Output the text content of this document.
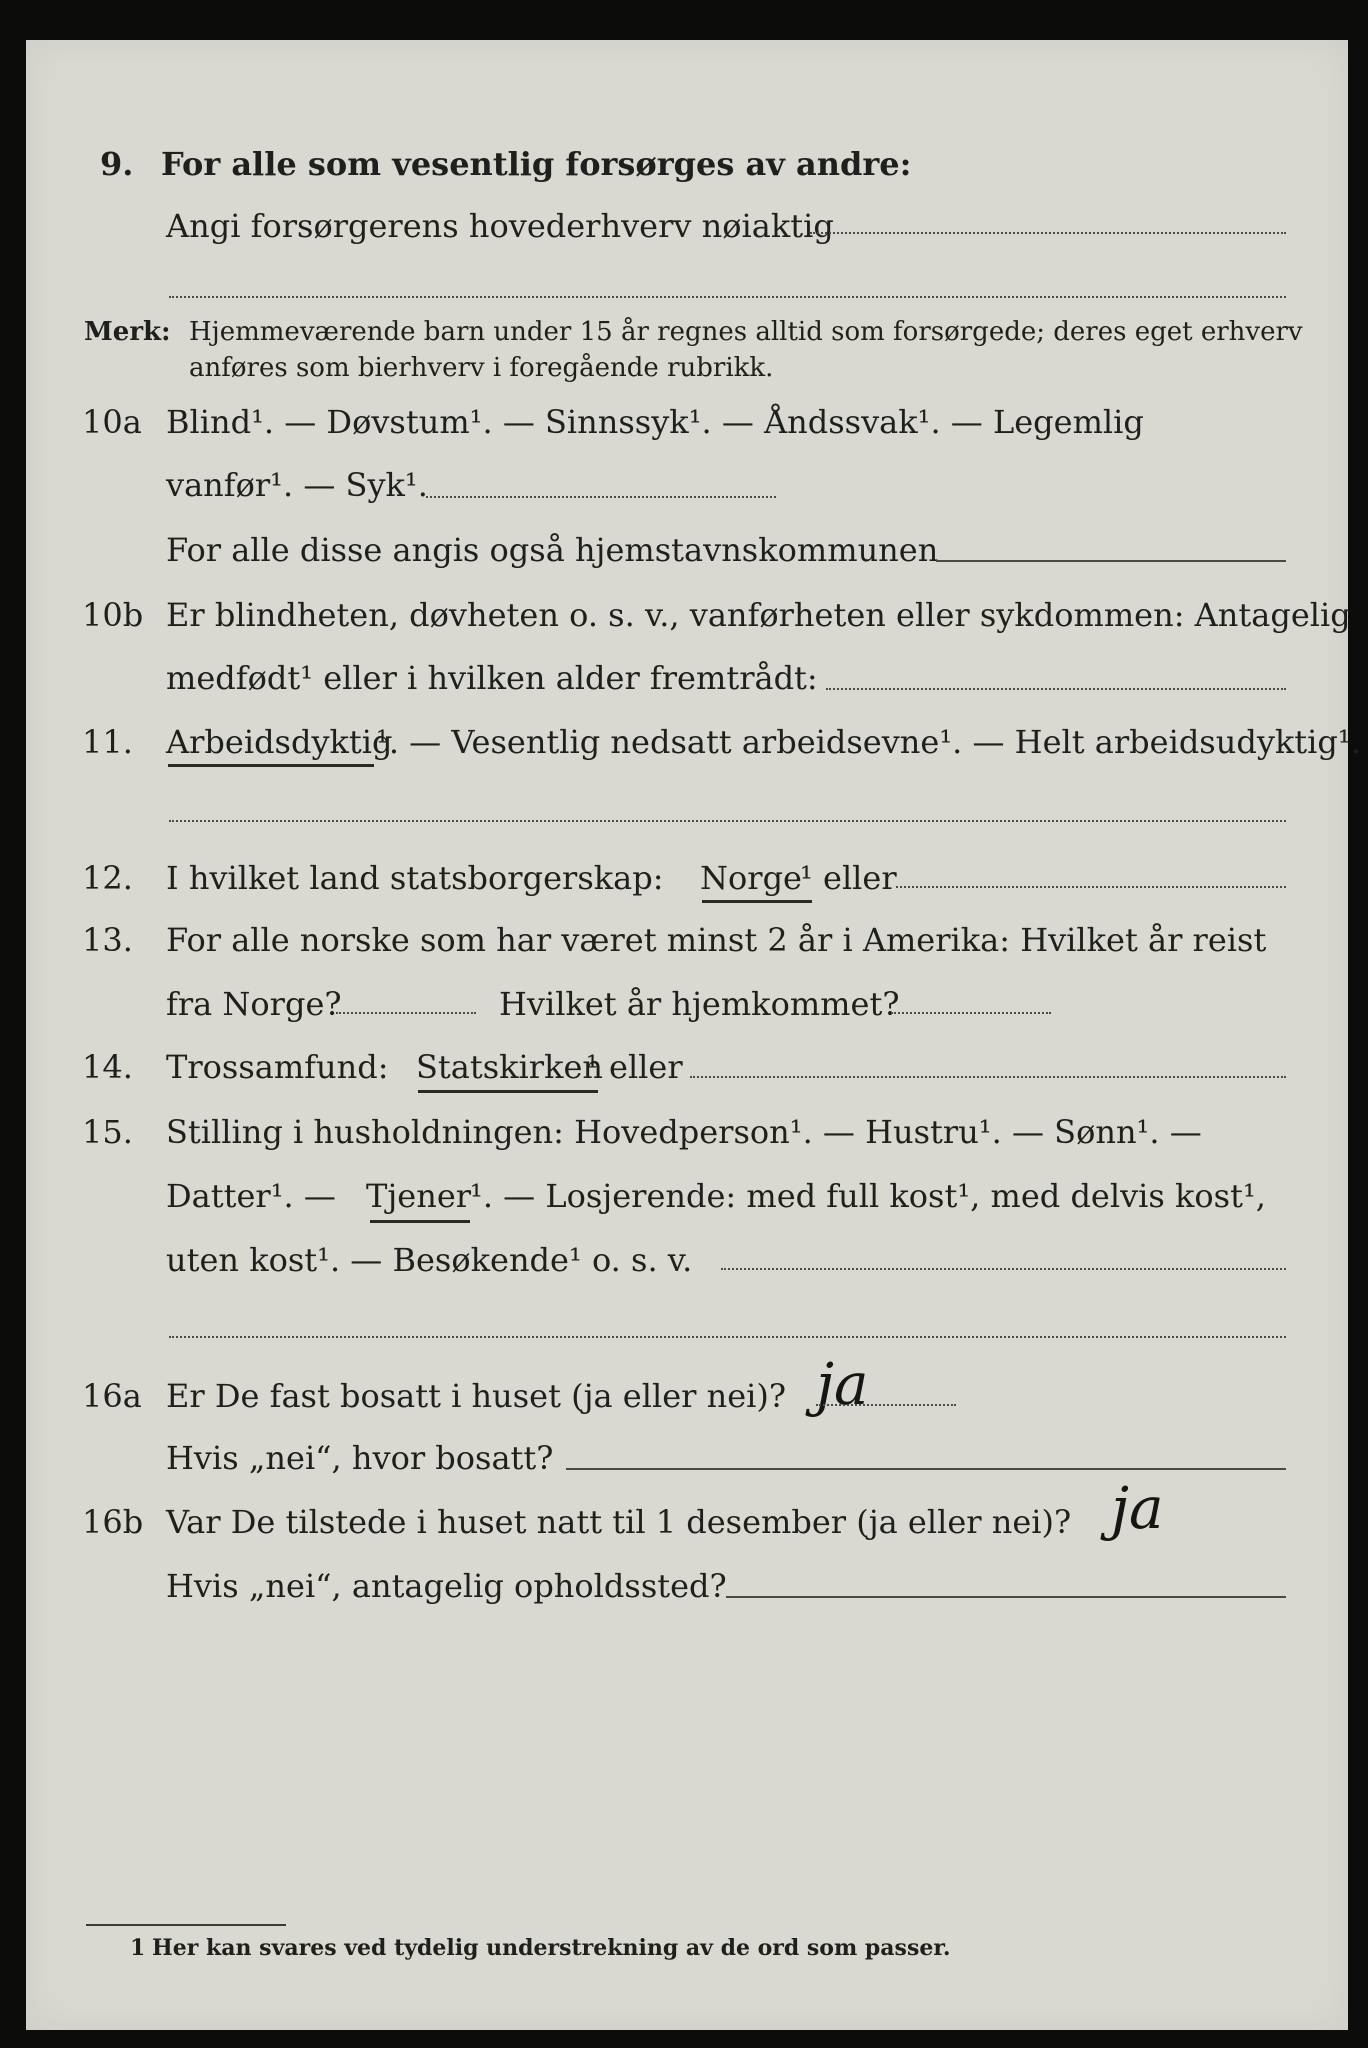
9. For alle som vesentlig forsørges av andre:
Angi forsørgerens hovederhverv nøiaktig
Merk: Hjemmeværende barn under 15 år regnes alltid som forsørgede; deres eget erhverv
anføres som bierhverv i foregående rubrikk.
10a Blind¹. — Døvstum¹. — Sinnssyk¹. — Åndssvak¹. — Legemlig
vanfør¹. — Syk¹.
For alle disse angis også hjemstavnskommunen
10b Er blindheten, døvheten o. s. v., vanførheten eller sykdommen: Antagelig
medfødt¹ eller i hvilken alder fremtrådt:
11. Arbeidsdyktig
¹. — Vesentlig nedsatt arbeidsevne¹. — Helt arbeidsudyktig¹.
12. I hvilket land statsborgerskap: Norge
¹ eller
13. For alle norske som har været minst 2 år i Amerika: Hvilket år reist
fra Norge?	Hvilket år hjemkommet?
14. Trossamfund: Statskirken
¹ eller
15. Stilling i husholdningen: Hovedperson¹. — Hustru¹. — Sønn¹. —
Datter¹. — Tjener
¹. — Losjerende: med full kost¹, med delvis kost¹,
uten kost¹. — Besøkende¹ o. s. v.
16a Er De fast bosatt i huset (ja eller nei)? ja
Hvis „nei“, hvor bosatt?
16b Var De tilstede i huset natt til 1 desember (ja eller nei)? ja
Hvis „nei“, antagelig opholdssted?
1 Her kan svares ved tydelig understrekning av de ord som passer.
